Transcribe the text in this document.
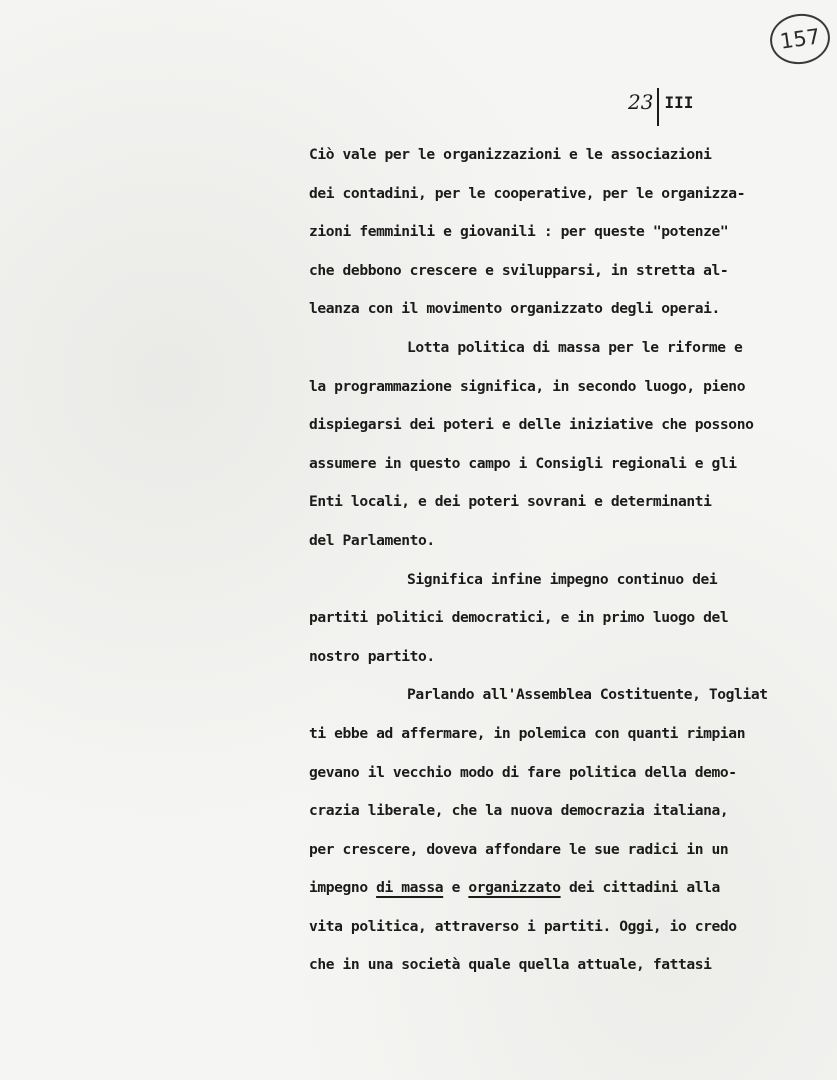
157
23 III
Ciò vale per le organizzazioni e le associazioni
dei contadini, per le cooperative, per le organizza-
zioni femminili e giovanili : per queste "potenze"
che debbono crescere e svilupparsi, in stretta al-
leanza con il movimento organizzato degli operai.
Lotta politica di massa per le riforme e
la programmazione significa, in secondo luogo, pieno
dispiegarsi dei poteri e delle iniziative che possono
assumere in questo campo i Consigli regionali e gli
Enti locali, e dei poteri sovrani e determinanti
del Parlamento.
Significa infine impegno continuo dei
partiti politici democratici, e in primo luogo del
nostro partito.
Parlando all'Assemblea Costituente, Togliat
ti ebbe ad affermare, in polemica con quanti rimpian
gevano il vecchio modo di fare politica della demo-
crazia liberale, che la nuova democrazia italiana,
per crescere, doveva affondare le sue radici in un
impegno di massa e organizzato dei cittadini alla
vita politica, attraverso i partiti. Oggi, io credo
che in una società quale quella attuale, fattasi
